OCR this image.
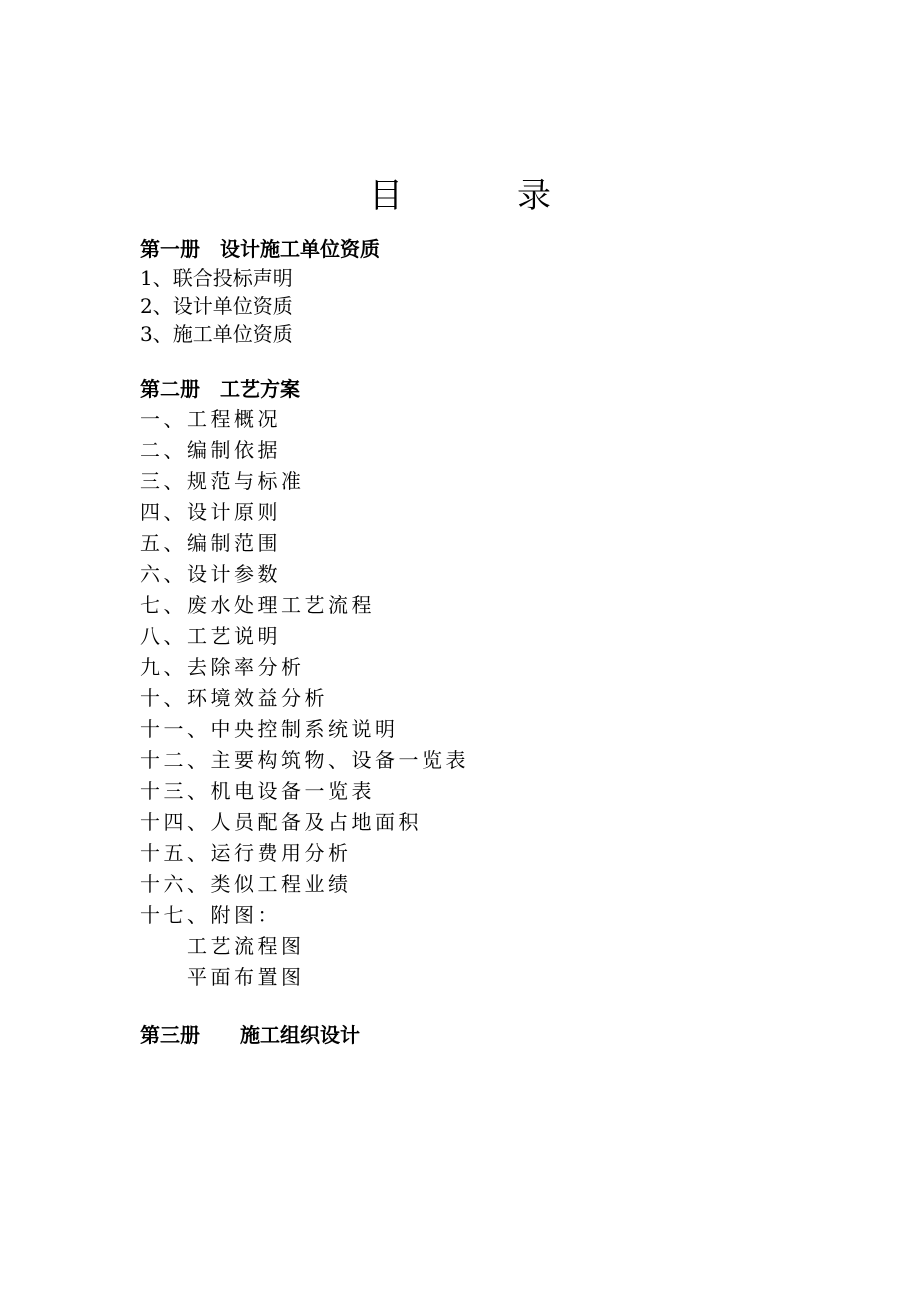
目　录
第一册　设计施工单位资质
1、联合投标声明
2、设计单位资质
3、施工单位资质
第二册　工艺方案
一、工程概况
二、编制依据
三、规范与标准
四、设计原则
五、编制范围
六、设计参数
七、废水处理工艺流程
八、工艺说明
九、去除率分析
十、环境效益分析
十一、中央控制系统说明
十二、主要构筑物、设备一览表
十三、机电设备一览表
十四、人员配备及占地面积
十五、运行费用分析
十六、类似工程业绩
十七、附图：
工艺流程图
平面布置图
第三册　　施工组织设计
